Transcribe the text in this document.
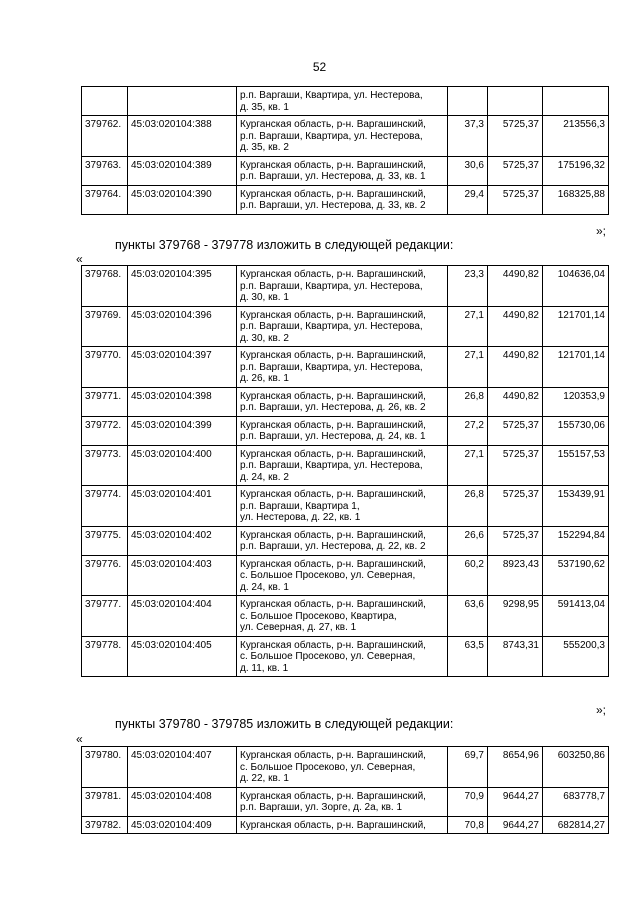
52

		р.п. Варгаши, Квартира, ул. Нестерова,
д. 35, кв. 1			

379762.	45:03:020104:388	Курганская область, р-н. Варгашинский,
р.п. Варгаши, Квартира, ул. Нестерова,
д. 35, кв. 2	37,3	5725,37	213556,3
379763.	45:03:020104:389	Курганская область, р-н. Варгашинский,
р.п. Варгаши, ул. Нестерова, д. 33, кв. 1	30,6	5725,37	175196,32
379764.	45:03:020104:390	Курганская область, р-н. Варгашинский,
р.п. Варгаши, ул. Нестерова, д. 33, кв. 2	29,4	5725,37	168325,88
»;
пункты 379768 - 379778 изложить в следующей редакции:
«
379768.	45:03:020104:395	Курганская область, р-н. Варгашинский,
р.п. Варгаши, Квартира, ул. Нестерова,
д. 30, кв. 1	23,3	4490,82	104636,04
379769.	45:03:020104:396	Курганская область, р-н. Варгашинский,
р.п. Варгаши, Квартира, ул. Нестерова,
д. 30, кв. 2	27,1	4490,82	121701,14
379770.	45:03:020104:397	Курганская область, р-н. Варгашинский,
р.п. Варгаши, Квартира, ул. Нестерова,
д. 26, кв. 1	27,1	4490,82	121701,14
379771.	45:03:020104:398	Курганская область, р-н. Варгашинский,
р.п. Варгаши, ул. Нестерова, д. 26, кв. 2	26,8	4490,82	120353,9
379772.	45:03:020104:399	Курганская область, р-н. Варгашинский,
р.п. Варгаши, ул. Нестерова, д. 24, кв. 1	27,2	5725,37	155730,06
379773.	45:03:020104:400	Курганская область, р-н. Варгашинский,
р.п. Варгаши, Квартира, ул. Нестерова,
д. 24, кв. 2	27,1	5725,37	155157,53
379774.	45:03:020104:401	Курганская область, р-н. Варгашинский,
р.п. Варгаши, Квартира 1,
ул. Нестерова, д. 22, кв. 1	26,8	5725,37	153439,91
379775.	45:03:020104:402	Курганская область, р-н. Варгашинский,
р.п. Варгаши, ул. Нестерова, д. 22, кв. 2	26,6	5725,37	152294,84
379776.	45:03:020104:403	Курганская область, р-н. Варгашинский,
с. Большое Просеково, ул. Северная,
д. 24, кв. 1	60,2	8923,43	537190,62
379777.	45:03:020104:404	Курганская область, р-н. Варгашинский,
с. Большое Просеково, Квартира,
ул. Северная, д. 27, кв. 1	63,6	9298,95	591413,04
379778.	45:03:020104:405	Курганская область, р-н. Варгашинский,
с. Большое Просеково, ул. Северная,
д. 11, кв. 1	63,5	8743,31	555200,3
»;
пункты 379780 - 379785 изложить в следующей редакции:
«
379780.	45:03:020104:407	Курганская область, р-н. Варгашинский,
с. Большое Просеково, ул. Северная,
д. 22, кв. 1	69,7	8654,96	603250,86
379781.	45:03:020104:408	Курганская область, р-н. Варгашинский,
р.п. Варгаши, ул. Зорге, д. 2а, кв. 1	70,9	9644,27	683778,7
379782.	45:03:020104:409	Курганская область, р-н. Варгашинский,	70,8	9644,27	682814,27
